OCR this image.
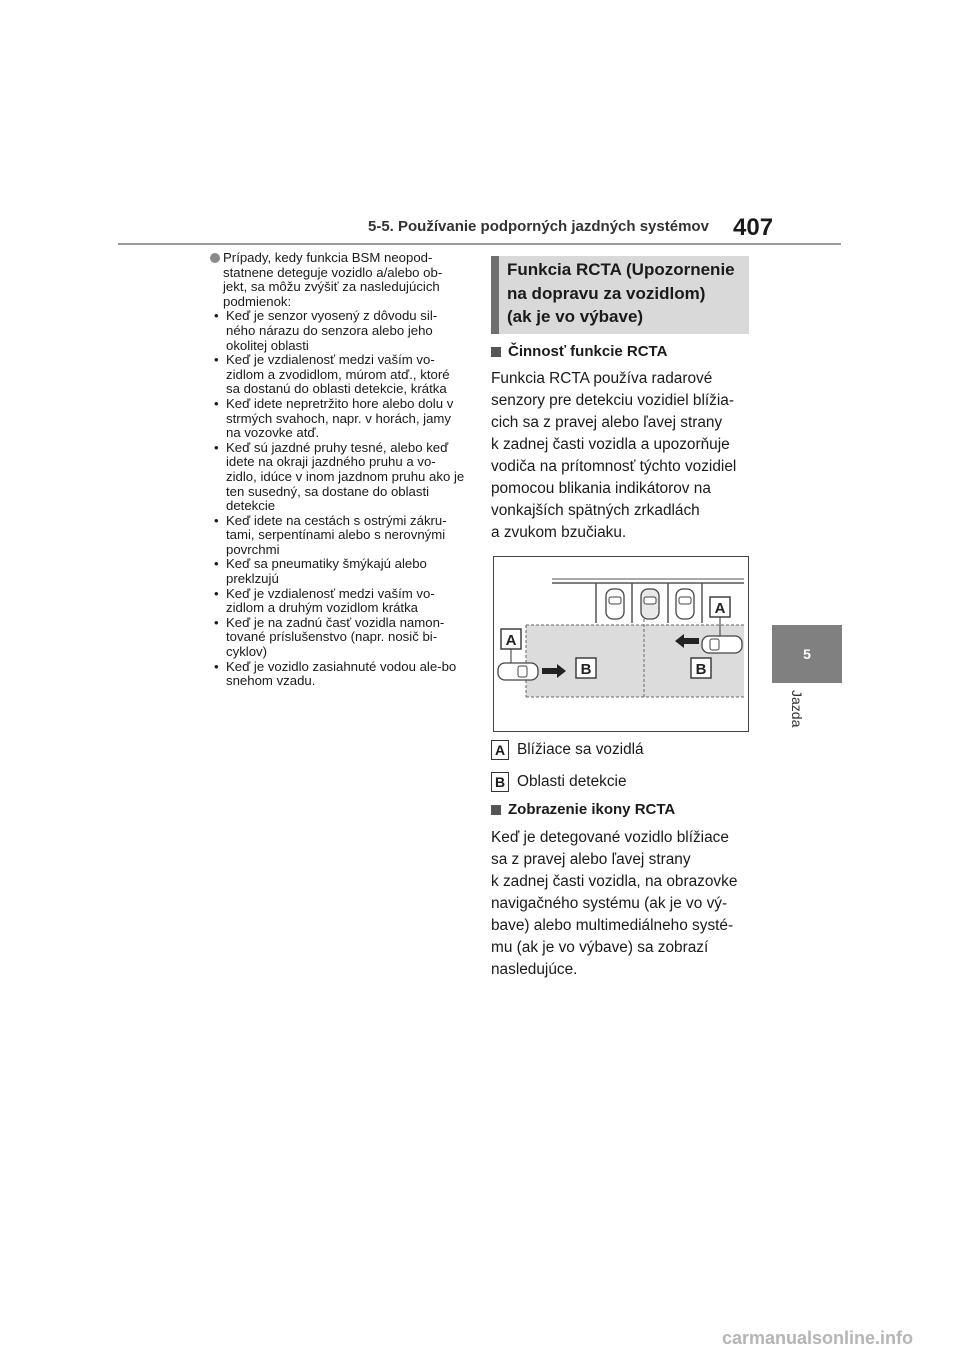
5-5. Používanie podporných jazdných systémov 407
5
Jazda
Prípady, kedy funkcia BSM neopod-statnene deteguje vozidlo a/alebo ob-jekt, sa môžu zvýšiť za nasledujúcich podmienok:
• Keď je senzor vyosený z dôvodu sil-ného nárazu do senzora alebo jeho okolitej oblasti
• Keď je vzdialenosť medzi vaším vo-zidlom a zvodidlom, múrom atď., ktoré sa dostanú do oblasti detekcie, krátka
• Keď idete nepretržito hore alebo dolu v strmých svahoch, napr. v horách, jamy na vozovke atď.
• Keď sú jazdné pruhy tesné, alebo keď idete na okraji jazdného pruhu a vo-zidlo, idúce v inom jazdnom pruhu ako je ten susedný, sa dostane do oblasti detekcie
• Keď idete na cestách s ostrými zákru-tami, serpentínami alebo s nerovnými povrchmi
• Keď sa pneumatiky šmýkajú alebo preklzujú
• Keď je vzdialenosť medzi vaším vo-zidlom a druhým vozidlom krátka
• Keď je na zadnú časť vozidla namon-tované príslušenstvo (napr. nosič bi-cyklov)
• Keď je vozidlo zasiahnuté vodou ale-bo snehom vzadu.
Funkcia RCTA (Upozornenie
na dopravu za vozidlom)
(ak je vo výbave)
Činnosť funkcie RCTA
Funkcia RCTA používa radarové
senzory pre detekciu vozidiel blížia-
cich sa z pravej alebo ľavej strany
k zadnej časti vozidla a upozorňuje
vodiča na prítomnosť týchto vozidiel
pomocou blikania indikátorov na
vonkajších spätných zrkadlách
a zvukom bzučiaku.
A
A
B	B
A Blížiace sa vozidlá
B Oblasti detekcie
Zobrazenie ikony RCTA
Keď je detegované vozidlo blížiace
sa z pravej alebo ľavej strany
k zadnej časti vozidla, na obrazovke
navigačného systému (ak je vo vý-
bave) alebo multimediálneho systé-
mu (ak je vo výbave) sa zobrazí
nasledujúce.
carmanualsonline.info
